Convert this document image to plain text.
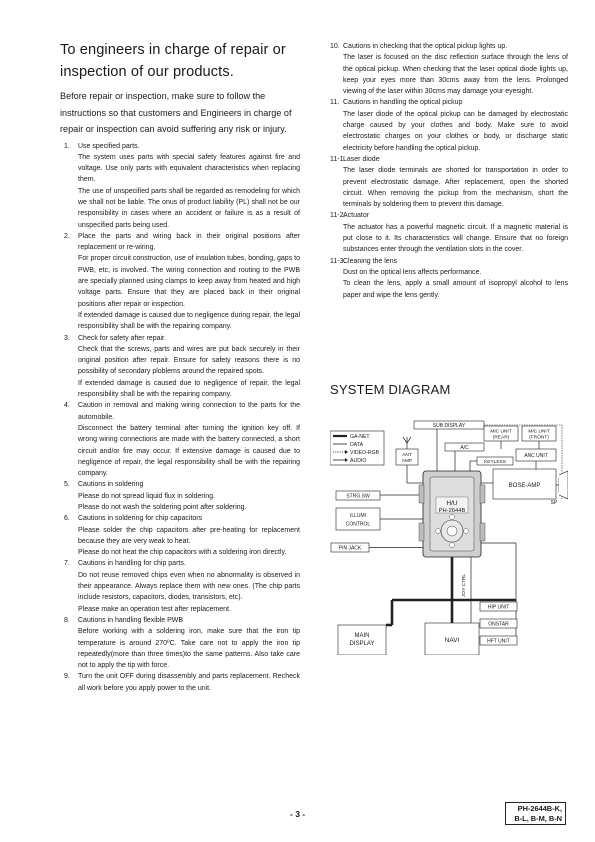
To engineers in charge of repair or
inspection of our products.

Before repair or inspection, make sure to follow the instructions so that customers and Engineers in charge of repair or inspection can avoid suffering any risk or injury.

1. Use specified parts.

The system uses parts with special safety features against fire and voltage. Use only parts with equivalent characteristics when replacing them.

The use of unspecified parts shall be regarded as remodeling for which we shall not be liable. The onus of product liability (PL) shall not be our responsibility in cases where an accident or failure is as a result of unspecified parts being used.

2. Place the parts and wiring back in their original positions after replacement or re-wiring.

For proper circuit construction, use of insulation tubes, bonding, gaps to PWB, etc, is involved. The wiring connection and routing to the PWB are specially planned using clamps to keep away from heated and high voltage parts. Ensure that they are placed back in their original positions after repair or inspection.

If extended damage is caused due to negligence during repair, the legal responsibility shall be with the repairing company.

3. Check for safety after repair.

Check that the screws, parts and wires are put back securely in their original position after repair. Ensure for safety reasons there is no possibility of secondary ploblems around the repaired spots.

If extended damage is caused due to negligence of repair, the legal responsibility shall be with the repairing company.

4. Caution in removal and making wiring connection to the parts for the automobile.

Disconnect the battery terminal after turning the ignition key off. If wrong wiring connections are made with the battery connected, a short circuit and/or fire may occur. If extensive damage is caused due to negligence of repair, the legal responsibility shall be with the repairing company.

5. Cautions in soldering

Please do not spread liquid flux in soldering.

Please do not wash the soldering point after soldering.

6. Cautions in soldering for chip capacitors

Please solder the chip capacitors after pre-heating for replacement because they are very weak to heat.

Please do not heat the chip capacitors with a soldering iron directly.

7. Cautions in handling for chip parts.

Do not reuse removed chips even when no abnormality is observed in their appearance. Always replace them with new ones. (The chip parts include resistors, capacitors, diodes, transistors, etc).

Please make an operation test after replacement.

8. Cautions in handling flexible PWB

Before working with a soldering iron, make sure that the iron tip temperature is around 270ºC. Take care not to apply the iron tip repeatedly(more than three times)to the same patterns. Also take care not to apply the tip with force.

9. Turn the unit OFF during disassembly and parts replacement. Recheck all work before you apply power to the unit.

10. Cautions in checking that the optical pickup lights up.

The laser is focused on the disc reflection surface through the lens of the optical pickup. When checking that the laser optical diode lights up, keep your eyes more than 30cms away from the lens. Prolonged viewing of the laser within 30cms may damage your eyesight.

11. Cautions in handling the optical pickup

The laser diode of the optical pickup can be damaged by electrostatic charge caused by your clothes and body. Make sure to avoid electrostatic charges on your clothes or body, or discharge static electricity before handling the optical pickup.

11-1.

Laser diode

The laser diode terminals are shorted for transportation in order to prevent electrostatic damage. After replacement, open the shorted circuit. When removing the pickup from the mechanism, short the terminals by soldering them to prevent this damage.

11-2.

Actuator

The actuator has a powerful magnetic circuit. If a magnetic material is put close to it. Its characteristics will change. Ensure that no foreign substances enter through the ventilation slots in the cover.

11-3.

Cleaning the lens

Dust on the optical lens affects performance.

To clean the lens, apply a small amount of isopropyl alcohol to lens paper and wipe the lens gently.

SYSTEM DIAGRAM
GA-NET
DATA
VIDEO-RGB
AUDIO
SUB DISPLAY
MIC UNIT
(REAR)
MIC UNIT
(FRONT)
ANT
AMP
A/C
KEYLESS
ANC UNIT
STRG.SW
ILLUMI
CONTROL
H/U
PH-2644B
BOSE-AMP
SP
PIN JACK
JOY CTRL
HIP UNIT
ONSTAR
HFT UNIT
MAIN
DISPLAY	NAVI
- 3 -
PH-2644B-K,
B-L, B-M, B-N
